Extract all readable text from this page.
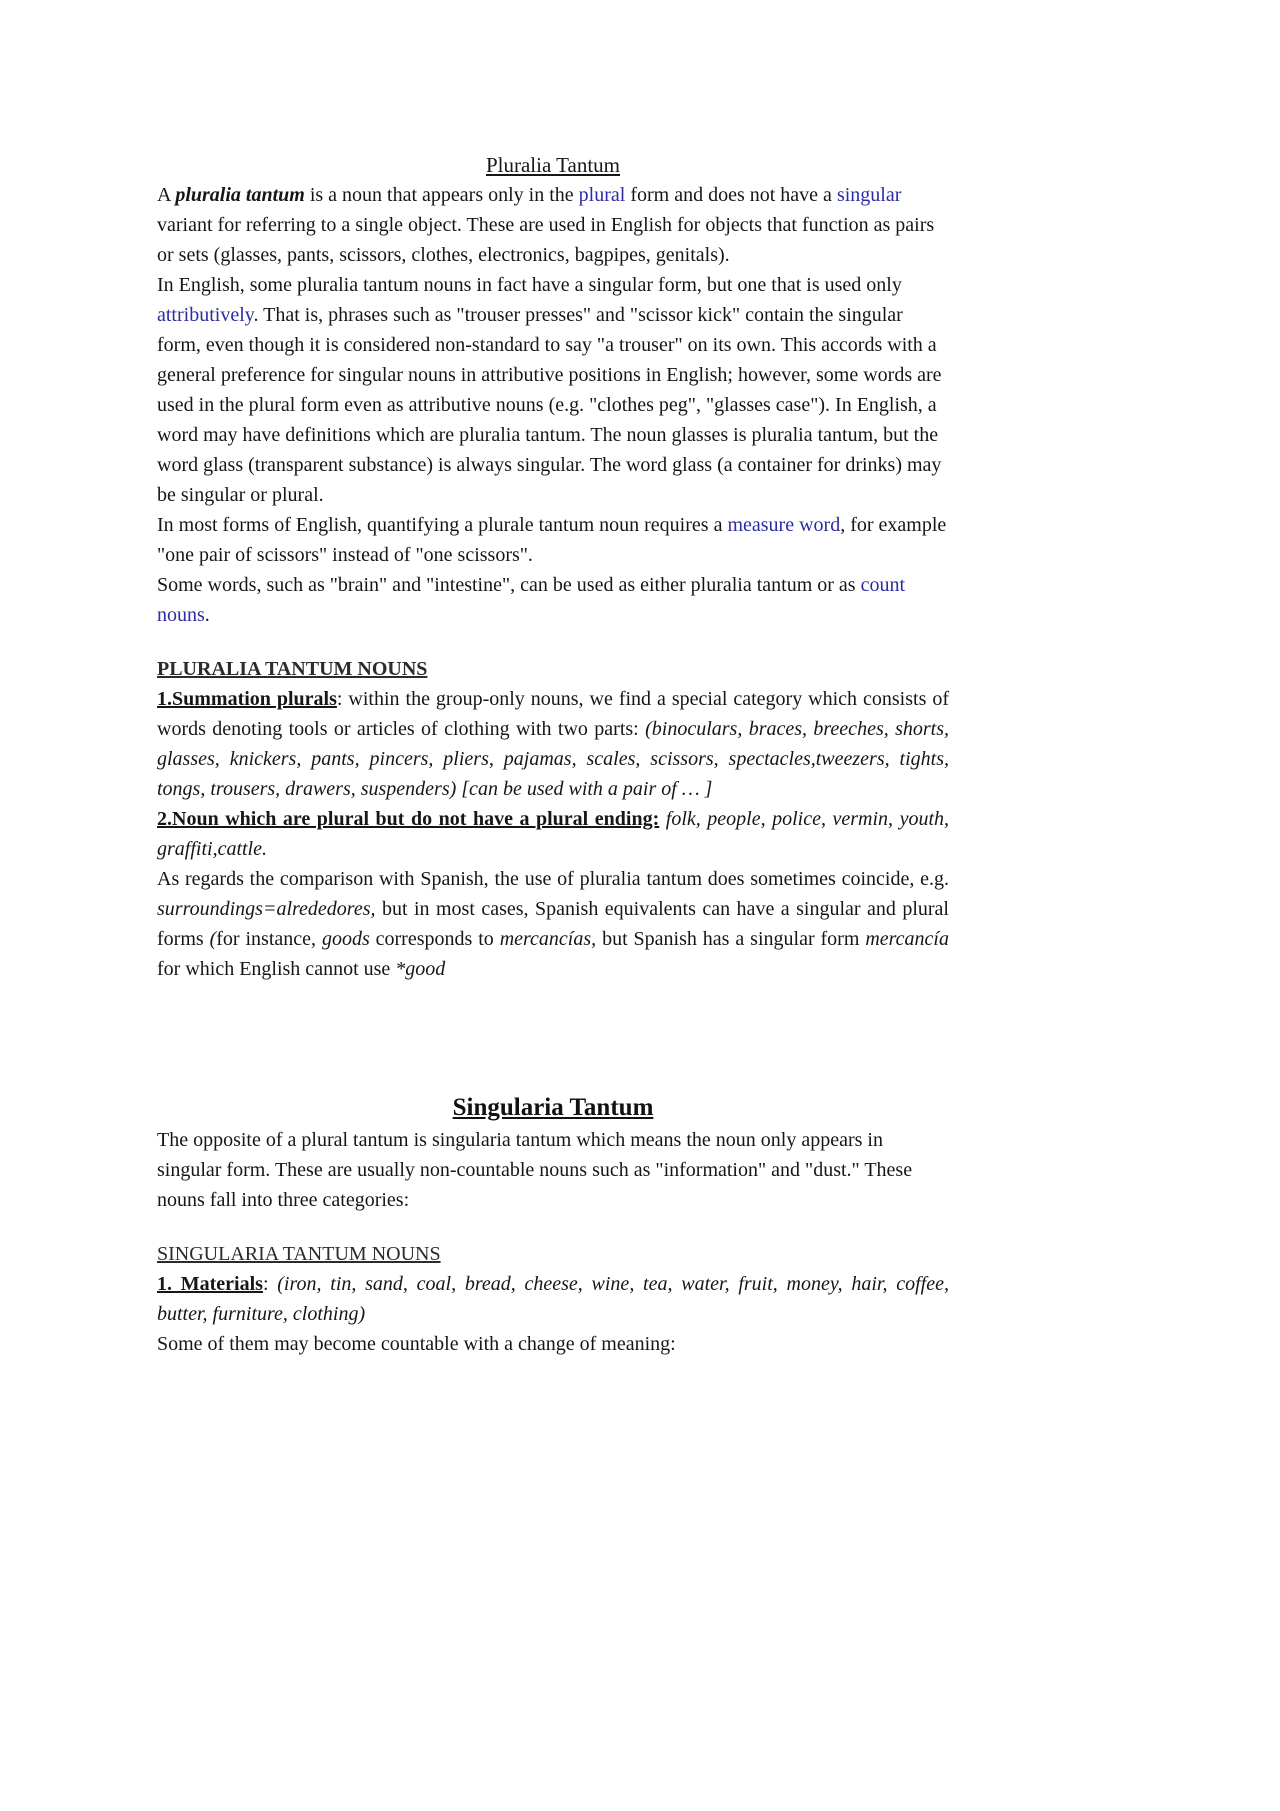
Pluralia Tantum

A pluralia tantum is a noun that appears only in the plural form and does not have a singular variant for referring to a single object. These are used in English for objects that function as pairs or sets (glasses, pants, scissors, clothes, electronics, bagpipes, genitals).

In English, some pluralia tantum nouns in fact have a singular form, but one that is used only attributively. That is, phrases such as "trouser presses" and "scissor kick" contain the singular form, even though it is considered non-standard to say "a trouser" on its own. This accords with a general preference for singular nouns in attributive positions in English; however, some words are used in the plural form even as attributive nouns (e.g. "clothes peg", "glasses case"). In English, a word may have definitions which are pluralia tantum. The noun glasses is pluralia tantum, but the word glass (transparent substance) is always singular. The word glass (a container for drinks) may be singular or plural.

In most forms of English, quantifying a plurale tantum noun requires a measure word, for example "one pair of scissors" instead of "one scissors".

Some words, such as "brain" and "intestine", can be used as either pluralia tantum or as count nouns.

PLURALIA TANTUM NOUNS

1.Summation plurals: within the group-only nouns, we find a special category which consists of words denoting tools or articles of clothing with two parts: (binoculars, braces, breeches, shorts, glasses, knickers, pants, pincers, pliers, pajamas, scales, scissors, spectacles,tweezers, tights, tongs, trousers, drawers, suspenders) [can be used with a pair of … ]

2.Noun which are plural but do not have a plural ending: folk, people, police, vermin, youth, graffiti,cattle.

As regards the comparison with Spanish, the use of pluralia tantum does sometimes coincide, e.g. surroundings=alrededores, but in most cases, Spanish equivalents can have a singular and plural forms (for instance, goods corresponds to mercancías, but Spanish has a singular form mercancía for which English cannot use *good

Singularia Tantum

The opposite of a plural tantum is singularia tantum which means the noun only appears in singular form. These are usually non-countable nouns such as "information" and "dust." These nouns fall into three categories:

SINGULARIA TANTUM NOUNS

1. Materials: (iron, tin, sand, coal, bread, cheese, wine, tea, water, fruit, money, hair, coffee, butter, furniture, clothing)

Some of them may become countable with a change of meaning:
